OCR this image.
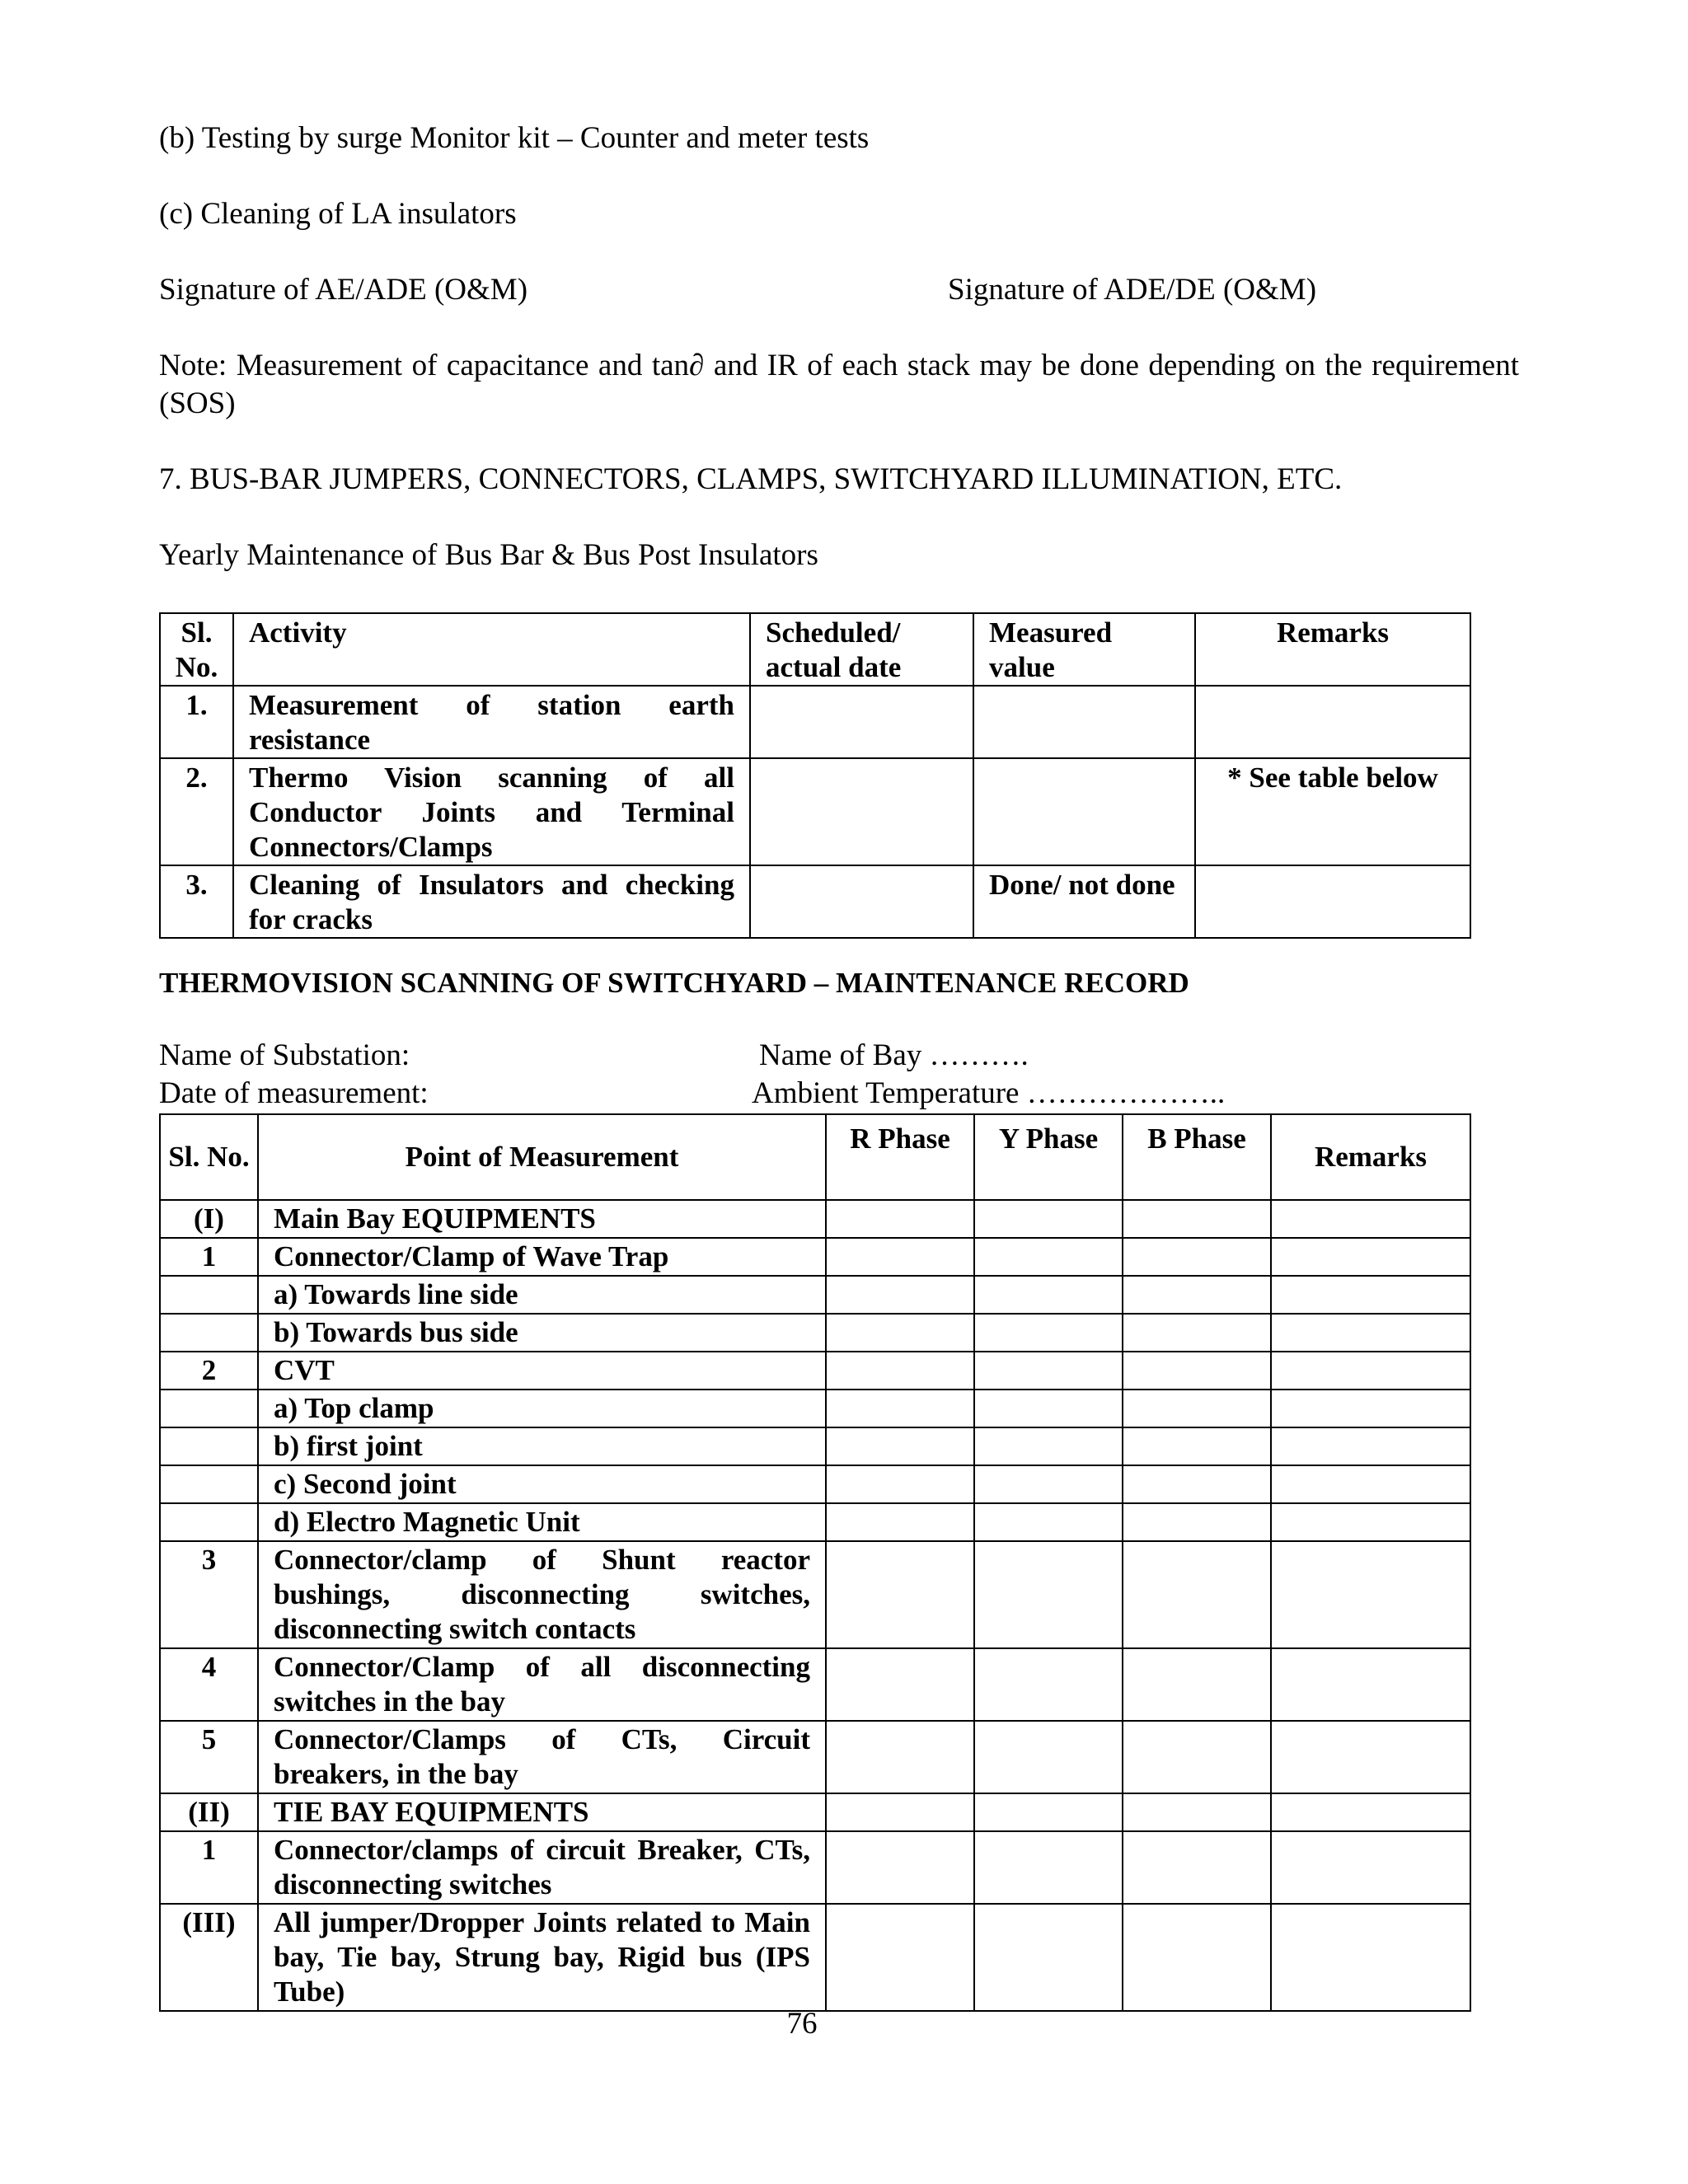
(b) Testing by surge Monitor kit – Counter and meter tests
(c) Cleaning of LA insulators
Signature of AE/ADE (O&M)	Signature of ADE/DE (O&M)
Note: Measurement of capacitance and tan∂ and IR of each stack may be done depending on the requirement (SOS)
7. BUS-BAR JUMPERS, CONNECTORS, CLAMPS, SWITCHYARD ILLUMINATION, ETC.
Yearly Maintenance of Bus Bar & Bus Post Insulators
Sl. No.	Activity	Scheduled/ actual date	Measured value	Remarks
1.	Measurement of station earth resistance			
2.	Thermo Vision scanning of all Conductor Joints and Terminal Connectors/Clamps			* See table below
3.	Cleaning of Insulators and checking for cracks		Done/ not done	
THERMOVISION SCANNING OF SWITCHYARD – MAINTENANCE RECORD
Name of Substation:	Name of Bay ……….
Date of measurement:	Ambient Temperature ………………..
Sl. No.	Point of Measurement	R Phase	Y Phase	B Phase	Remarks
(I)	Main Bay EQUIPMENTS				
1	Connector/Clamp of Wave Trap				
	a) Towards line side				
	b) Towards bus side				
2	CVT				
	a) Top clamp				
	b) first joint				
	c) Second joint				
	d) Electro Magnetic Unit				
3	Connector/clamp of Shunt reactor bushings, disconnecting switches, disconnecting switch contacts				
4	Connector/Clamp of all disconnecting switches in the bay				
5	Connector/Clamps of CTs, Circuit breakers, in the bay				
(II)	TIE BAY EQUIPMENTS				
1	Connector/clamps of circuit Breaker, CTs, disconnecting switches				
(III)	All jumper/Dropper Joints related to Main bay, Tie bay, Strung bay, Rigid bus (IPS Tube)				
76
